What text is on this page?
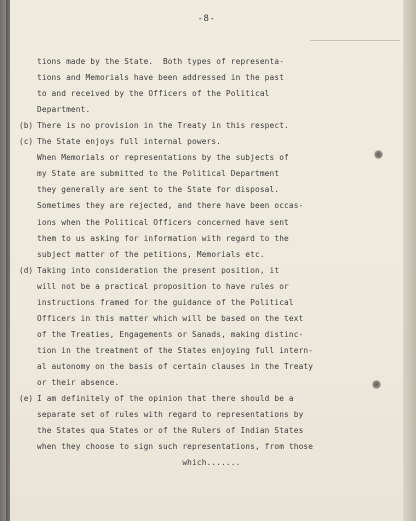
-8-
tions made by the State.  Both types of representa-
tions and Memorials have been addressed in the past
to and received by the Officers of the Political
Department.
(b) There is no provision in the Treaty in this respect.
(c) The State enjoys full internal powers.
When Memorials or representations by the subjects of
my State are submitted to the Political Department
they generally are sent to the State for disposal.
Sometimes they are rejected, and there have been occas-
ions when the Political Officers concerned have sent
them to us asking for information with regard to the
subject matter of the petitions, Memorials etc.
(d) Taking into consideration the present position, it
will not be a practical proposition to have rules or
instructions framed for the guidance of the Political
Officers in this matter which will be based on the text
of the Treaties, Engagements or Sanads, making distinc-
tion in the treatment of the States enjoying full intern-
al autonomy on the basis of certain clauses in the Treaty
or their absence.
(e) I am definitely of the opinion that there should be a
separate set of rules with regard to representations by
the States qua States or of the Rulers of Indian States
when they choose to sign such representations, from those
which.......
